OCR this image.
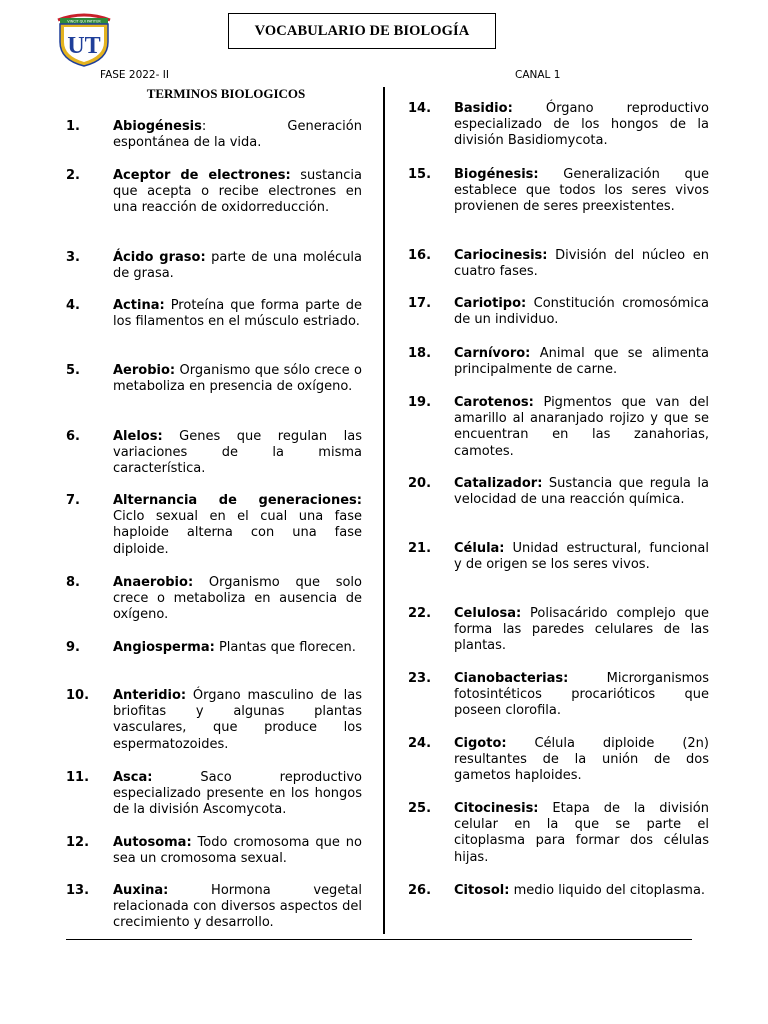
UT
VINCIT QUI PATITUR
VOCABULARIO DE BIOLOGÍA
FASE 2022- II	CANAL 1
TERMINOS BIOLOGICOS
1.	Abiogénesis: Generación espontánea de la vida.
2.	Aceptor de electrones: sustancia que acepta o recibe electrones en una reacción de oxidorreducción.
3.	Ácido graso: parte de una molécula de grasa.
4.	Actina: Proteína que forma parte de los filamentos en el músculo estriado.
5.	Aerobio: Organismo que sólo crece o metaboliza en presencia de oxígeno.
6.	Alelos: Genes que regulan las variaciones de la misma característica.
7.	Alternancia de generaciones: Ciclo sexual en el cual una fase haploide alterna con una fase diploide.
8.	Anaerobio: Organismo que solo crece o metaboliza en ausencia de oxígeno.
9.	Angiosperma: Plantas que florecen.
10. Anteridio: Órgano masculino de las briofitas y algunas plantas vasculares, que produce los espermatozoides.
11. Asca: Saco reproductivo especializado presente en los hongos de la división Ascomycota.
12. Autosoma: Todo cromosoma que no sea un cromosoma sexual.
13. Auxina: Hormona vegetal relacionada con diversos aspectos del crecimiento y desarrollo.
14. Basidio: Órgano reproductivo especializado de los hongos de la división Basidiomycota.
15. Biogénesis: Generalización que establece que todos los seres vivos provienen de seres preexistentes.
16. Cariocinesis: División del núcleo en cuatro fases.
17. Cariotipo: Constitución cromosómica de un individuo.
18. Carnívoro: Animal que se alimenta principalmente de carne.
19. Carotenos: Pigmentos que van del amarillo al anaranjado rojizo y que se encuentran en las zanahorias, camotes.
20. Catalizador: Sustancia que regula la velocidad de una reacción química.
21. Célula: Unidad estructural, funcional y de origen se los seres vivos.
22. Celulosa: Polisacárido complejo que forma las paredes celulares de las plantas.
23. Cianobacterias: Microrganismos fotosintéticos procarióticos que poseen clorofila.
24. Cigoto: Célula diploide (2n) resultantes de la unión de dos gametos haploides.
25. Citocinesis: Etapa de la división celular en la que se parte el citoplasma para formar dos células hijas.
26. Citosol: medio liquido del citoplasma.
